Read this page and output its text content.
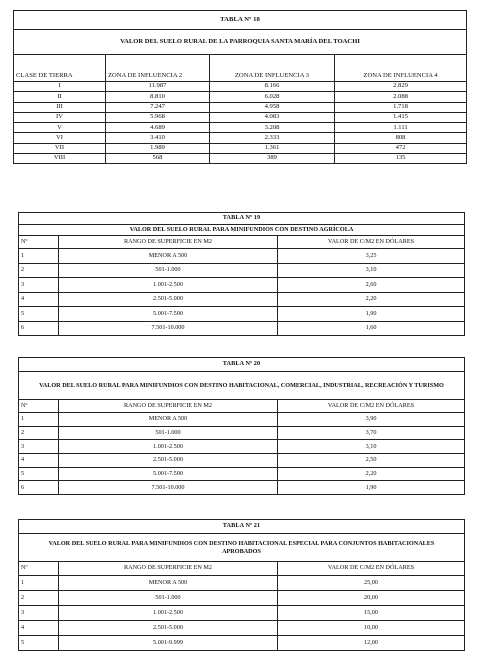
TABLA Nº 18			
VALOR DEL SUELO RURAL DE LA PARROQUIA SANTA MARÍA DEL TOACHI			
CLASE DE TIERRA	ZONA DE INFLUENCIA 2	ZONA DE INFLUENCIA 3	ZONA DE INFLUENCIA 4
I	11.987	8.166	2.829
II	8.810	6.028	2.088
III	7.247	4.958	1.718
IV	5.968	4.083	1.415
V	4.689	3.208	1.111
VI	3.410	2.333	808
VII	1.989	1.361	472
VIII	568	389	135
TABLA Nº 19		
VALOR DEL SUELO RURAL PARA MINIFUNDIOS CON DESTINO AGRÍCOLA		
Nº	RANGO DE SUPERFICIE EN M2	VALOR DE C/M2 EN DÓLARES
1	MENOR A 500	3,25
2	501-1.000	3,10
3	1.001-2.500	2,60
4	2.501-5.000	2,20
5	5.001-7.500	1,90
6	7.501-10.000	1,60
TABLA Nº 20		
VALOR DEL SUELO RURAL PARA MINIFUNDIOS CON DESTINO HABITACIONAL, COMERCIAL, INDUSTRIAL, RECREACIÓN Y TURISMO		
Nº	RANGO DE SUPERFICIE EN M2	VALOR DE C/M2 EN DÓLARES
1	MENOR A 500	3,90
2	501-1.000	3,70
3	1.001-2.500	3,10
4	2.501-5.000	2,50
5	5.001-7.500	2,20
6	7.501-10.000	1,90
TABLA Nº 21		
VALOR DEL SUELO RURAL PARA MINIFUNDIOS CON DESTINO HABITACIONAL ESPECIAL PARA CONJUNTOS HABITACIONALES APROBADOS		
Nº	RANGO DE SUPERFICIE EN M2	VALOR DE C/M2 EN DÓLARES
1	MENOR A 500	25,00
2	501-1.000	20,00
3	1.001-2.500	15,00
4	2.501-5.000	10,00
5	5.001-9.999	12,00
